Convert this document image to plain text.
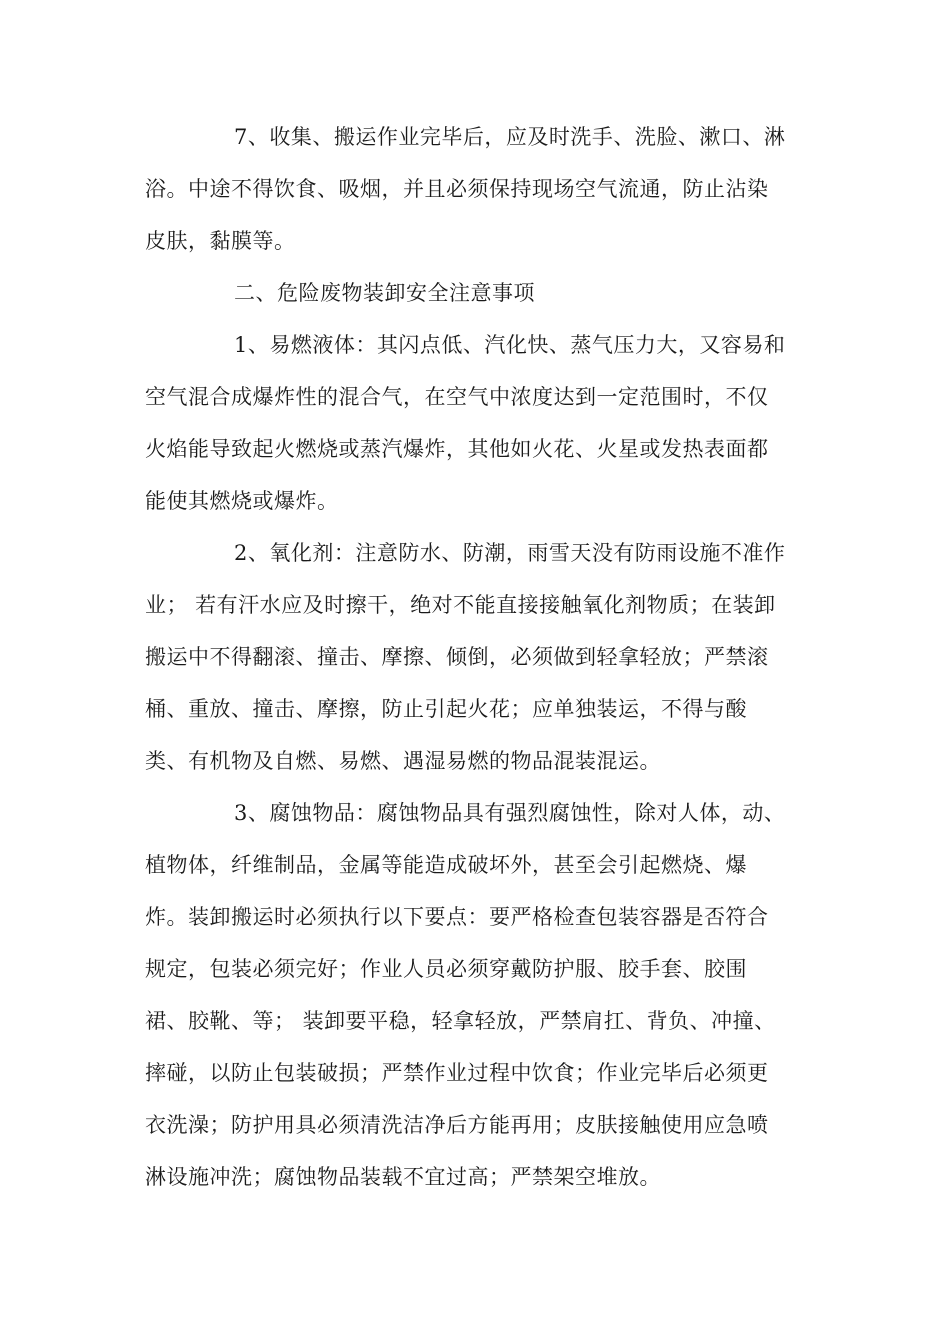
7、收集、搬运作业完毕后，应及时洗手、洗脸、漱口、淋
浴。中途不得饮食、吸烟，并且必须保持现场空气流通，防止沾染
皮肤，黏膜等。
二、危险废物装卸安全注意事项
1、易燃液体：其闪点低、汽化快、蒸气压力大，又容易和
空气混合成爆炸性的混合气，在空气中浓度达到一定范围时，不仅
火焰能导致起火燃烧或蒸汽爆炸，其他如火花、火星或发热表面都
能使其燃烧或爆炸。
2、氧化剂：注意防水、防潮，雨雪天没有防雨设施不准作
业； 若有汗水应及时擦干，绝对不能直接接触氧化剂物质；在装卸
搬运中不得翻滚、撞击、摩擦、倾倒，必须做到轻拿轻放；严禁滚
桶、重放、撞击、摩擦，防止引起火花；应单独装运，不得与酸
类、有机物及自燃、易燃、遇湿易燃的物品混装混运。
3、腐蚀物品：腐蚀物品具有强烈腐蚀性，除对人体，动、
植物体，纤维制品，金属等能造成破坏外，甚至会引起燃烧、爆
炸。装卸搬运时必须执行以下要点：要严格检查包装容器是否符合
规定，包装必须完好；作业人员必须穿戴防护服、胶手套、胶围
裙、胶靴、等； 装卸要平稳，轻拿轻放，严禁肩扛、背负、冲撞、
摔碰，以防止包装破损；严禁作业过程中饮食；作业完毕后必须更
衣洗澡；防护用具必须清洗洁净后方能再用；皮肤接触使用应急喷
淋设施冲洗；腐蚀物品装载不宜过高；严禁架空堆放。
